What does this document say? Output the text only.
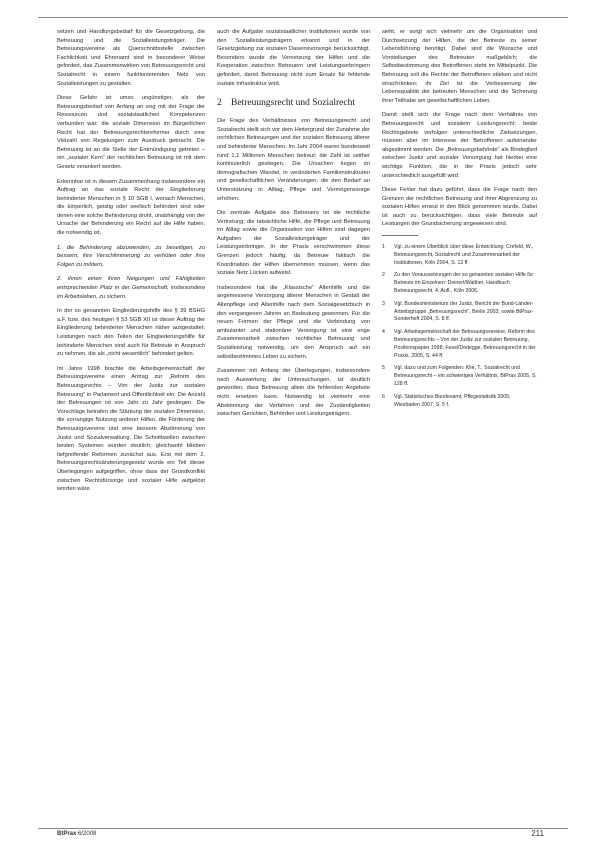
setzen und Handlungsbedarf für die Gesetzgebung, die Betreuung und die Sozialleistungsträger. Die Betreuungsvereine als Querschnittsstelle zwischen Fachlichkeit und Ehrenamt sind in besonderer Weise gefordert, das Zusammenwirken von Betreuungsrecht und Sozialrecht in einem funktionierenden Netz von Sozialleistungen zu gestalten.

Diese Gefahr ist umso ungünstiger, als der Betreuungsbedarf von Anfang an eng mit der Frage der Ressourcen und sozialstaatlichen Kompetenzen verbunden war; die soziale Dimension im Bürgerlichen Recht hat der Betreuungsrechtsreformer durch eine Vielzahl von Regelungen zum Ausdruck gebracht. Die Betreuung ist an die Stelle der Entmündigung getreten – ein „sozialer Kern“ der rechtlichen Betreuung ist mit dem Gesetz verankert worden.

Erkennbar ist in diesem Zusammenhang insbesondere ein Auftrag an das soziale Recht der Eingliederung behinderter Menschen in § 10 SGB I, wonach Menschen, die körperlich, geistig oder seelisch behindert sind oder denen eine solche Behinderung droht, unabhängig von der Ursache der Behinderung ein Recht auf die Hilfe haben, die notwendig ist,

1. die Behinderung abzuwenden, zu beseitigen, zu bessern, ihre Verschlimmerung zu verhüten oder ihre Folgen zu mildern,

2. ihnen einen ihren Neigungen und Fähigkeiten entsprechenden Platz in der Gemeinschaft, insbesondere im Arbeitsleben, zu sichern.

In der so genannten Eingliederungshilfe des § 39 BSHG a.F. bzw. des heutigen § 53 SGB XII ist dieser Auftrag der Eingliederung behinderter Menschen näher ausgestaltet; Leistungen nach den Teilen der Eingliederungshilfe für behinderte Menschen sind auch für Betreute in Anspruch zu nehmen, die als „nicht wesentlich“ behindert gelten.

Im Jahre 1998 brachte die Arbeitsgemeinschaft der Betreuungsvereine einen Antrag zur „Reform des Betreuungsrechts – Von der Justiz zur sozialen Betreuung“ in Parlament und Öffentlichkeit ein. Die Anzahl der Betreuungen ist von Jahr zu Jahr gestiegen. Die Vorschläge betrafen die Stärkung der sozialen Dimension, die vorrangige Nutzung anderer Hilfen, die Förderung der Betreuungsvereine und eine bessere Abstimmung von Justiz und Sozialverwaltung. Die Schnittstellen zwischen beiden Systemen wurden deutlich; gleichwohl blieben tiefgreifende Reformen zunächst aus. Erst mit dem 2. Betreuungsrechtsänderungsgesetz wurde ein Teil dieser Überlegungen aufgegriffen, ohne dass der Grundkonflikt zwischen Rechtsfürsorge und sozialer Hilfe aufgelöst worden wäre.

auch die Aufgabe sozialstaatlicher Institutionen wurde von den Sozialleistungsträgern erkannt und in der Gesetzgebung zur sozialen Daseinsvorsorge berücksichtigt. Besonders wurde die Vernetzung der Hilfen und die Kooperation zwischen Betreuern und Leistungserbringern gefordert, damit Betreuung nicht zum Ersatz für fehlende soziale Infrastruktur wird.

2 Betreuungsrecht und Sozialrecht

Die Frage des Verhältnisses von Betreuungsrecht und Sozialrecht stellt sich vor dem Hintergrund der Zunahme der rechtlichen Betreuungen und der sozialen Betreuung älterer und behinderter Menschen. Im Jahr 2004 waren bundesweit rund 1,1 Millionen Menschen betreut; die Zahl ist seither kontinuierlich gestiegen. Die Ursachen liegen im demografischen Wandel, in veränderten Familienstrukturen und gesellschaftlichen Veränderungen, die den Bedarf an Unterstützung in Alltag, Pflege und Vermögenssorge erhöhen.

Die zentrale Aufgabe des Betreuers ist die rechtliche Vertretung; die tatsächliche Hilfe, die Pflege und Betreuung im Alltag sowie die Organisation von Hilfen sind dagegen Aufgaben der Sozialleistungsträger und der Leistungserbringer. In der Praxis verschwimmen diese Grenzen jedoch häufig, da Betreuer faktisch die Koordination der Hilfen übernehmen müssen, wenn das soziale Netz Lücken aufweist.

Insbesondere hat die „Klassische“ Altenhilfe und die angemessene Versorgung älterer Menschen in Gestalt der Altenpflege und Altenhilfe nach dem Sozialgesetzbuch in den vergangenen Jahren an Bedeutung gewonnen. Für die neuen Formen der Pflege und die Verbindung von ambulanter und stationärer Versorgung ist eine enge Zusammenarbeit zwischen rechtlicher Betreuung und Sozialleistung notwendig, um den Anspruch auf ein selbstbestimmtes Leben zu sichern.

Zusammen mit Anfang der Überlegungen, insbesondere nach Auswertung der Untersuchungen, ist deutlich geworden, dass Betreuung allein die fehlenden Angebote nicht ersetzen kann. Notwendig ist vielmehr eine Abstimmung der Verfahren und der Zuständigkeiten zwischen Gerichten, Behörden und Leistungsträgern.

sieht, er sorgt sich vielmehr um die Organisation und Durchsetzung der Hilfen, die der Betreute zu seiner Lebensführung benötigt. Dabei sind die Wünsche und Vorstellungen des Betreuten maßgeblich; die Selbstbestimmung des Betroffenen steht im Mittelpunkt. Die Betreuung soll die Rechte der Betroffenen stärken und nicht einschränken; ihr Ziel ist die Verbesserung der Lebensqualität der betreuten Menschen und die Sicherung ihrer Teilhabe am gesellschaftlichen Leben.

Damit stellt sich die Frage nach dem Verhältnis von Betreuungsrecht und sozialem Leistungsrecht; beide Rechtsgebiete verfolgen unterschiedliche Zielsetzungen, müssen aber im Interesse der Betroffenen aufeinander abgestimmt werden. Die „Betreuungsbehörde“ als Bindeglied zwischen Justiz und sozialer Versorgung hat hierbei eine wichtige Funktion, die in der Praxis jedoch sehr unterschiedlich ausgefüllt wird.

Diese Fehler hat dazu geführt, dass die Frage nach den Grenzen der rechtlichen Betreuung und ihrer Abgrenzung zu sozialen Hilfen erneut in den Blick genommen wurde. Dabei ist auch zu berücksichtigen, dass viele Betreute auf Leistungen der Grundsicherung angewiesen sind.

1	Vgl. zu einem Überblick über diese Entwicklung: Crefeld, W., Betreuungsrecht, Sozialrecht und Zusammenarbeit der Institutionen, Köln 2004, S. 12 ff.
2	Zu den Voraussetzungen der so genannten sozialen Hilfe für Betreute im Einzelnen: Deinert/Walther, Handbuch Betreuungsrecht, 4. Aufl., Köln 2006.
3	Vgl. Bundesministerium der Justiz, Bericht der Bund-Länder-Arbeitsgruppe „Betreuungsrecht“, Berlin 2003; sowie BtPrax-Sonderheft 2004, S. 8 ff.
4	Vgl. Arbeitsgemeinschaft der Betreuungsvereine, Reform des Betreuungsrechts – Von der Justiz zur sozialen Betreuung, Positionspapier 1998; Fesel/Dodegge, Betreuungsrecht in der Praxis, 2005, S. 44 ff.
5	Vgl. dazu und zum Folgenden: Klie, T., Sozialrecht und Betreuungsrecht – ein schwieriges Verhältnis, BtPrax 2005, S. 128 ff.
6	Vgl. Statistisches Bundesamt, Pflegestatistik 2005, Wiesbaden 2007, S. 5 f.
BtPrax 6/2008	211
